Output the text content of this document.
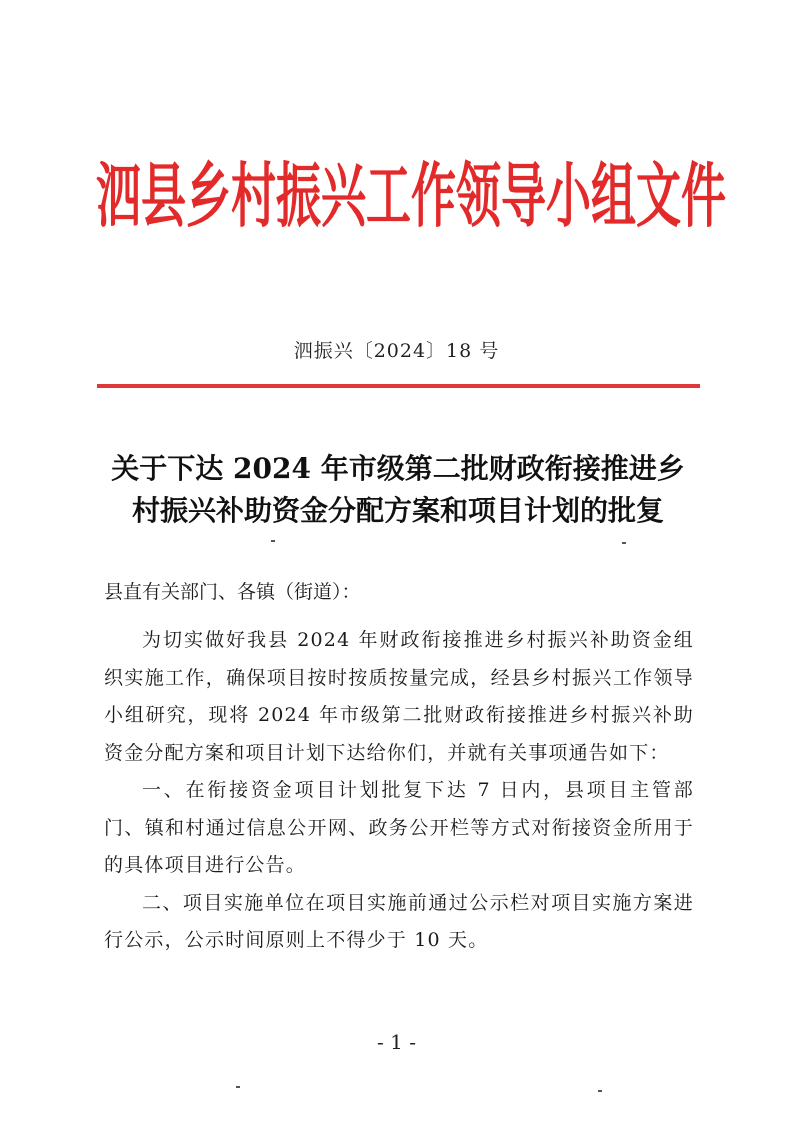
泗县乡村振兴工作领导小组文件
泗振兴〔2024〕18 号
关于下达 2024 年市级第二批财政衔接推进乡
村振兴补助资金分配方案和项目计划的批复
县直有关部门、各镇（街道）：

为切实做好我县 2024 年财政衔接推进乡村振兴补助资金组织实施工作，确保项目按时按质按量完成，经县乡村振兴工作领导小组研究，现将 2024 年市级第二批财政衔接推进乡村振兴补助资金分配方案和项目计划下达给你们，并就有关事项通告如下：

一、在衔接资金项目计划批复下达 7 日内，县项目主管部门、镇和村通过信息公开网、政务公开栏等方式对衔接资金所用于的具体项目进行公告。

二、项目实施单位在项目实施前通过公示栏对项目实施方案进行公示，公示时间原则上不得少于 10 天。

- 1 -
